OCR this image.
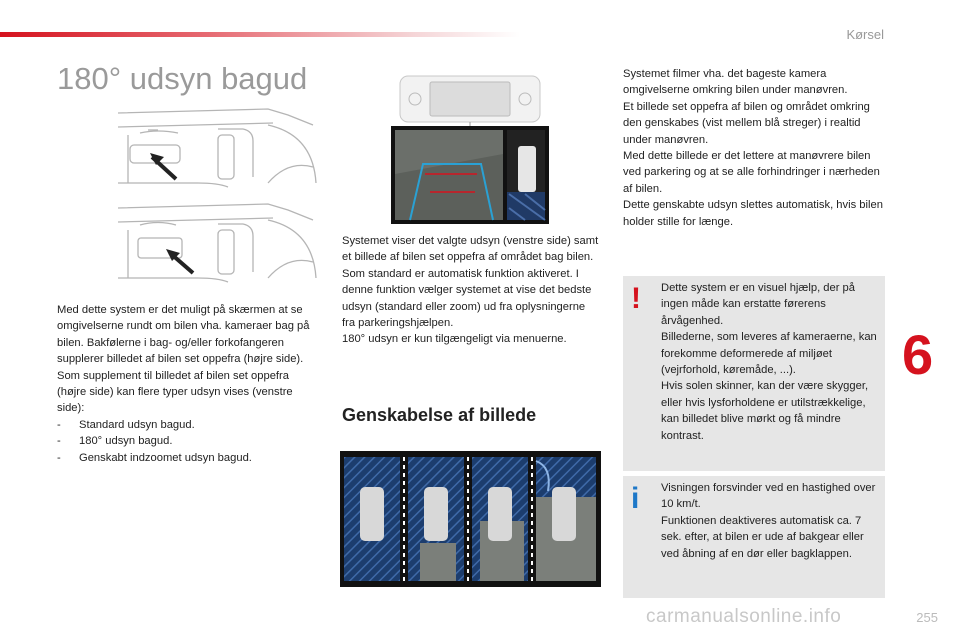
Kørsel
180° udsyn bagud

Med dette system er det muligt på skærmen at se omgivelserne rundt om bilen vha. kameraer bag på bilen. Bakfølerne i bag- og/eller forkofangeren supplerer billedet af bilen set oppefra (højre side).

Som supplement til billedet af bilen set oppefra (højre side) kan flere typer udsyn vises (venstre side):

-	Standard udsyn bagud.
-	180° udsyn bagud.
-	Genskabt indzoomet udsyn bagud.

Systemet viser det valgte udsyn (venstre side) samt et billede af bilen set oppefra af området bag bilen.

Som standard er automatisk funktion aktiveret. I denne funktion vælger systemet at vise det bedste udsyn (standard eller zoom) ud fra oplysningerne fra parkeringshjælpen.

180° udsyn er kun tilgængeligt via menuerne.

Genskabelse af billede

Systemet filmer vha. det bageste kamera omgivelserne omkring bilen under manøvren.

Et billede set oppefra af bilen og området omkring den genskabes (vist mellem blå streger) i realtid under manøvren.

Med dette billede er det lettere at manøvrere bilen ved parkering og at se alle forhindringer i nærheden af bilen.

Dette genskabte udsyn slettes automatisk, hvis bilen holder stille for længe.

! Dette system er en visuel hjælp, der på ingen måde kan erstatte førerens årvågenhed.

Billederne, som leveres af kameraerne, kan forekomme deformerede af miljøet (vejrforhold, køremåde, ...).

Hvis solen skinner, kan der være skygger, eller hvis lysforholdene er utilstrækkelige, kan billedet blive mørkt og få mindre kontrast.

i Visningen forsvinder ved en hastighed over 10 km/t.

Funktionen deaktiveres automatisk ca. 7 sek. efter, at bilen er ude af bakgear eller ved åbning af en dør eller bagklappen.

6
255
carmanualsonline.info
